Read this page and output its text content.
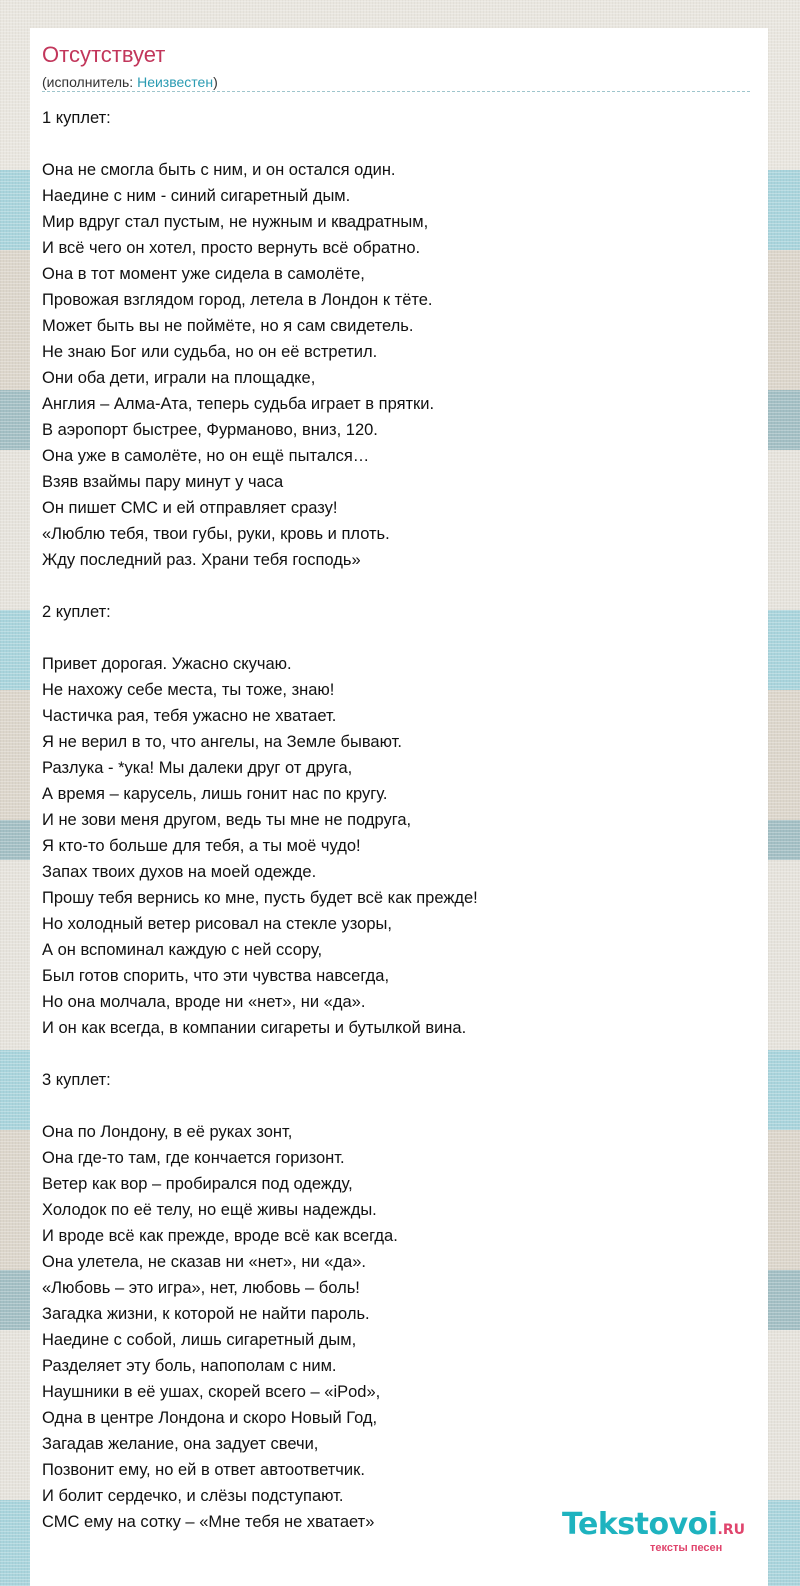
Отсутствует
(исполнитель: Неизвестен)
1 куплет:
Она не смогла быть с ним, и он остался один.
Наедине с ним - синий сигаретный дым.
Мир вдруг стал пустым, не нужным и квадратным,
И всё чего он хотел, просто вернуть всё обратно.
Она в тот момент уже сидела в самолёте,
Провожая взглядом город, летела в Лондон к тёте.
Может быть вы не поймёте, но я сам свидетель.
Не знаю Бог или судьба, но он её встретил.
Они оба дети, играли на площадке,
Англия – Алма-Ата, теперь судьба играет в прятки.
В аэропорт быстрее, Фурманово, вниз, 120.
Она уже в самолёте, но он ещё пытался…
Взяв взаймы пару минут у часа
Он пишет СМС и ей отправляет сразу!
«Люблю тебя, твои губы, руки, кровь и плоть.
Жду последний раз. Храни тебя господь»
2 куплет:
Привет дорогая. Ужасно скучаю.
Не нахожу себе места, ты тоже, знаю!
Частичка рая, тебя ужасно не хватает.
Я не верил в то, что ангелы, на Земле бывают.
Разлука - *ука! Мы далеки друг от друга,
А время – карусель, лишь гонит нас по кругу.
И не зови меня другом, ведь ты мне не подруга,
Я кто-то больше для тебя, а ты моё чудо!
Запах твоих духов на моей одежде.
Прошу тебя вернись ко мне, пусть будет всё как прежде!
Но холодный ветер рисовал на стекле узоры,
А он вспоминал каждую с ней ссору,
Был готов спорить, что эти чувства навсегда,
Но она молчала, вроде ни «нет», ни «да».
И он как всегда, в компании сигареты и бутылкой вина.
3 куплет:
Она по Лондону, в её руках зонт,
Она где-то там, где кончается горизонт.
Ветер как вор – пробирался под одежду,
Холодок по её телу, но ещё живы надежды.
И вроде всё как прежде, вроде всё как всегда.
Она улетела, не сказав ни «нет», ни «да».
«Любовь – это игра», нет, любовь – боль!
Загадка жизни, к которой не найти пароль.
Наедине с собой, лишь сигаретный дым,
Разделяет эту боль, напополам с ним.
Наушники в её ушах, скорей всего – «iPod»,
Одна в центре Лондона и скоро Новый Год,
Загадав желание, она задует свечи,
Позвонит ему, но ей в ответ автоответчик.
И болит сердечко, и слёзы подступают.
СМС ему на сотку – «Мне тебя не хватает»	Tekstovoi.RU
тексты песен
